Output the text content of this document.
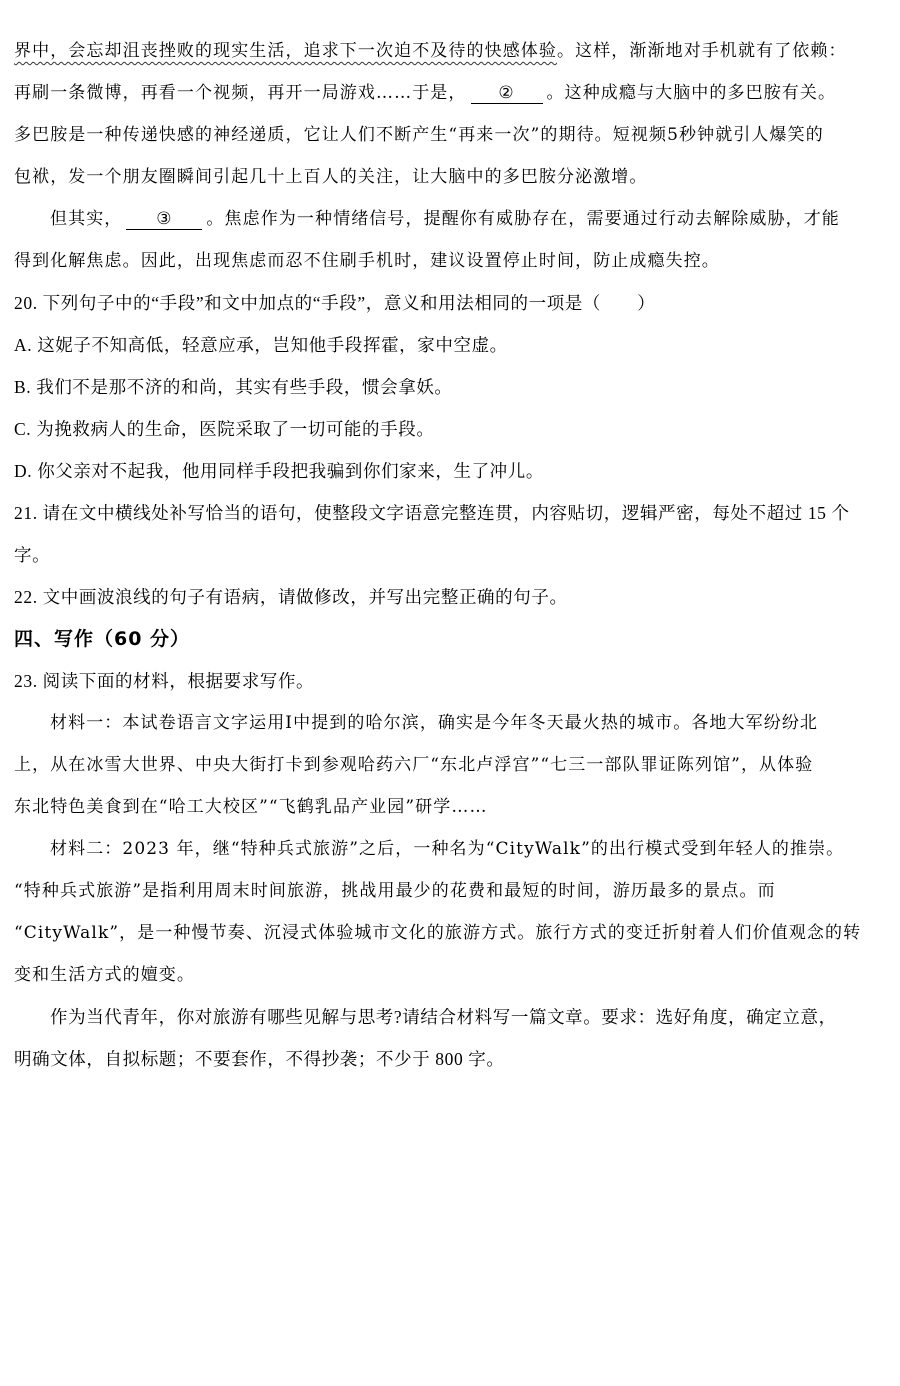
界中，会忘却沮丧挫败的现实生活，追求下一次迫不及待的快感体验。这样，渐渐地对手机就有了依赖：
再刷一条微博，再看一个视频，再开一局游戏……于是， ② 。这种成瘾与大脑中的多巴胺有关。
多巴胺是一种传递快感的神经递质，它让人们不断产生“再来一次”的期待。短视频5秒钟就引人爆笑的
包袱，发一个朋友圈瞬间引起几十上百人的关注，让大脑中的多巴胺分泌激增。
但其实， ③ 。焦虑作为一种情绪信号，提醒你有威胁存在，需要通过行动去解除威胁，才能
得到化解焦虑。因此，出现焦虑而忍不住刷手机时，建议设置停止时间，防止成瘾失控。
20. 下列句子中的“手段”和文中加点的“手段”，意义和用法相同的一项是（　　）
A. 这妮子不知高低，轻意应承，岂知他手段挥霍，家中空虚。
B. 我们不是那不济的和尚，其实有些手段，惯会拿妖。
C. 为挽救病人的生命，医院采取了一切可能的手段。
D. 你父亲对不起我，他用同样手段把我骗到你们家来，生了冲儿。
21. 请在文中横线处补写恰当的语句，使整段文字语意完整连贯，内容贴切，逻辑严密，每处不超过 15 个
字。
22. 文中画波浪线的句子有语病，请做修改，并写出完整正确的句子。
四、写作（60 分）
23. 阅读下面的材料，根据要求写作。
材料一：本试卷语言文字运用Ⅰ中提到的哈尔滨，确实是今年冬天最火热的城市。各地大军纷纷北
上，从在冰雪大世界、中央大街打卡到参观哈药六厂“东北卢浮宫”“七三一部队罪证陈列馆”，从体验
东北特色美食到在“哈工大校区”“飞鹤乳品产业园”研学……
材料二：2023 年，继“特种兵式旅游”之后，一种名为“CityWalk”的出行模式受到年轻人的推崇。
“特种兵式旅游”是指利用周末时间旅游，挑战用最少的花费和最短的时间，游历最多的景点。而
“CityWalk”，是一种慢节奏、沉浸式体验城市文化的旅游方式。旅行方式的变迁折射着人们价值观念的转
变和生活方式的嬗变。
作为当代青年，你对旅游有哪些见解与思考?请结合材料写一篇文章。要求：选好角度，确定立意，
明确文体，自拟标题；不要套作，不得抄袭；不少于 800 字。
